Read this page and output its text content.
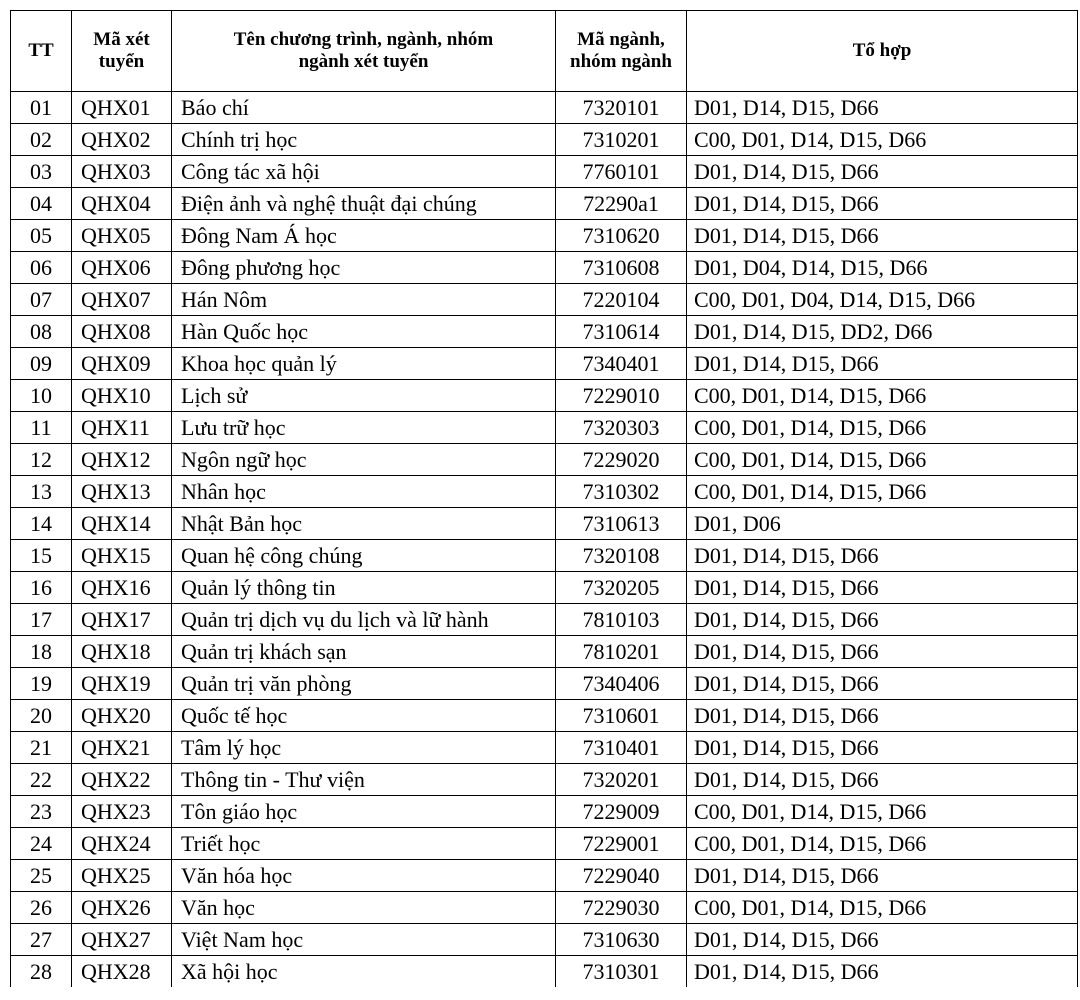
TT	Mã xét tuyển	Tên chương trình, ngành, nhóm ngành xét tuyển	Mã ngành, nhóm ngành	Tổ hợp
01	QHX01	Báo chí	7320101	D01, D14, D15, D66
02	QHX02	Chính trị học	7310201	C00, D01, D14, D15, D66
03	QHX03	Công tác xã hội	7760101	D01, D14, D15, D66
04	QHX04	Điện ảnh và nghệ thuật đại chúng	72290a1	D01, D14, D15, D66
05	QHX05	Đông Nam Á học	7310620	D01, D14, D15, D66
06	QHX06	Đông phương học	7310608	D01, D04, D14, D15, D66
07	QHX07	Hán Nôm	7220104	C00, D01, D04, D14, D15, D66
08	QHX08	Hàn Quốc học	7310614	D01, D14, D15, DD2, D66
09	QHX09	Khoa học quản lý	7340401	D01, D14, D15, D66
10	QHX10	Lịch sử	7229010	C00, D01, D14, D15, D66
11	QHX11	Lưu trữ học	7320303	C00, D01, D14, D15, D66
12	QHX12	Ngôn ngữ học	7229020	C00, D01, D14, D15, D66
13	QHX13	Nhân học	7310302	C00, D01, D14, D15, D66
14	QHX14	Nhật Bản học	7310613	D01, D06
15	QHX15	Quan hệ công chúng	7320108	D01, D14, D15, D66
16	QHX16	Quản lý thông tin	7320205	D01, D14, D15, D66
17	QHX17	Quản trị dịch vụ du lịch và lữ hành	7810103	D01, D14, D15, D66
18	QHX18	Quản trị khách sạn	7810201	D01, D14, D15, D66
19	QHX19	Quản trị văn phòng	7340406	D01, D14, D15, D66
20	QHX20	Quốc tế học	7310601	D01, D14, D15, D66
21	QHX21	Tâm lý học	7310401	D01, D14, D15, D66
22	QHX22	Thông tin - Thư viện	7320201	D01, D14, D15, D66
23	QHX23	Tôn giáo học	7229009	C00, D01, D14, D15, D66
24	QHX24	Triết học	7229001	C00, D01, D14, D15, D66
25	QHX25	Văn hóa học	7229040	D01, D14, D15, D66
26	QHX26	Văn học	7229030	C00, D01, D14, D15, D66
27	QHX27	Việt Nam học	7310630	D01, D14, D15, D66
28	QHX28	Xã hội học	7310301	D01, D14, D15, D66
